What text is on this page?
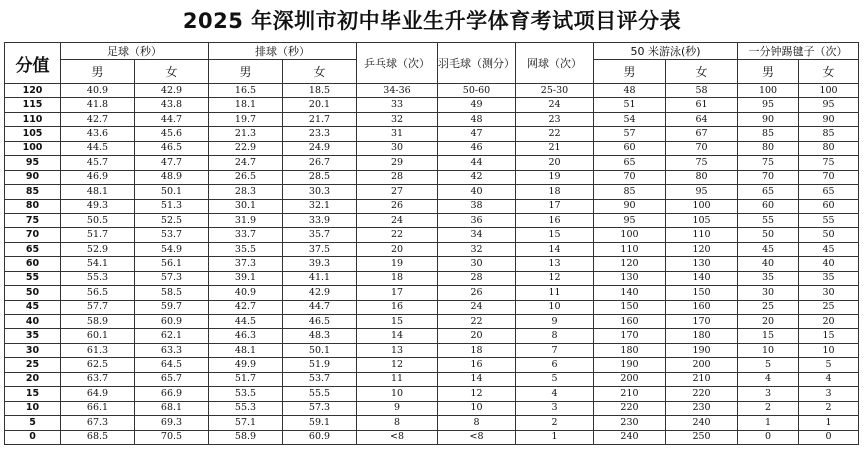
2025 年深圳市初中毕业生升学体育考试项目评分表
分值	足球（秒）		排球（秒）		乒乓球（次）	羽毛球（测分）	网球（次）	50 米游泳(秒)		一分钟踢毽子（次）	
	男	女	男	女				男	女	男	女
120	40.9	42.9	16.5	18.5	34-36	50-60	25-30	48	58	100	100
115	41.8	43.8	18.1	20.1	33	49	24	51	61	95	95
110	42.7	44.7	19.7	21.7	32	48	23	54	64	90	90
105	43.6	45.6	21.3	23.3	31	47	22	57	67	85	85
100	44.5	46.5	22.9	24.9	30	46	21	60	70	80	80
95	45.7	47.7	24.7	26.7	29	44	20	65	75	75	75
90	46.9	48.9	26.5	28.5	28	42	19	70	80	70	70
85	48.1	50.1	28.3	30.3	27	40	18	85	95	65	65
80	49.3	51.3	30.1	32.1	26	38	17	90	100	60	60
75	50.5	52.5	31.9	33.9	24	36	16	95	105	55	55
70	51.7	53.7	33.7	35.7	22	34	15	100	110	50	50
65	52.9	54.9	35.5	37.5	20	32	14	110	120	45	45
60	54.1	56.1	37.3	39.3	19	30	13	120	130	40	40
55	55.3	57.3	39.1	41.1	18	28	12	130	140	35	35
50	56.5	58.5	40.9	42.9	17	26	11	140	150	30	30
45	57.7	59.7	42.7	44.7	16	24	10	150	160	25	25
40	58.9	60.9	44.5	46.5	15	22	9	160	170	20	20
35	60.1	62.1	46.3	48.3	14	20	8	170	180	15	15
30	61.3	63.3	48.1	50.1	13	18	7	180	190	10	10
25	62.5	64.5	49.9	51.9	12	16	6	190	200	5	5
20	63.7	65.7	51.7	53.7	11	14	5	200	210	4	4
15	64.9	66.9	53.5	55.5	10	12	4	210	220	3	3
10	66.1	68.1	55.3	57.3	9	10	3	220	230	2	2
5	67.3	69.3	57.1	59.1	8	8	2	230	240	1	1
0	68.5	70.5	58.9	60.9	<8	<8	1	240	250	0	0
